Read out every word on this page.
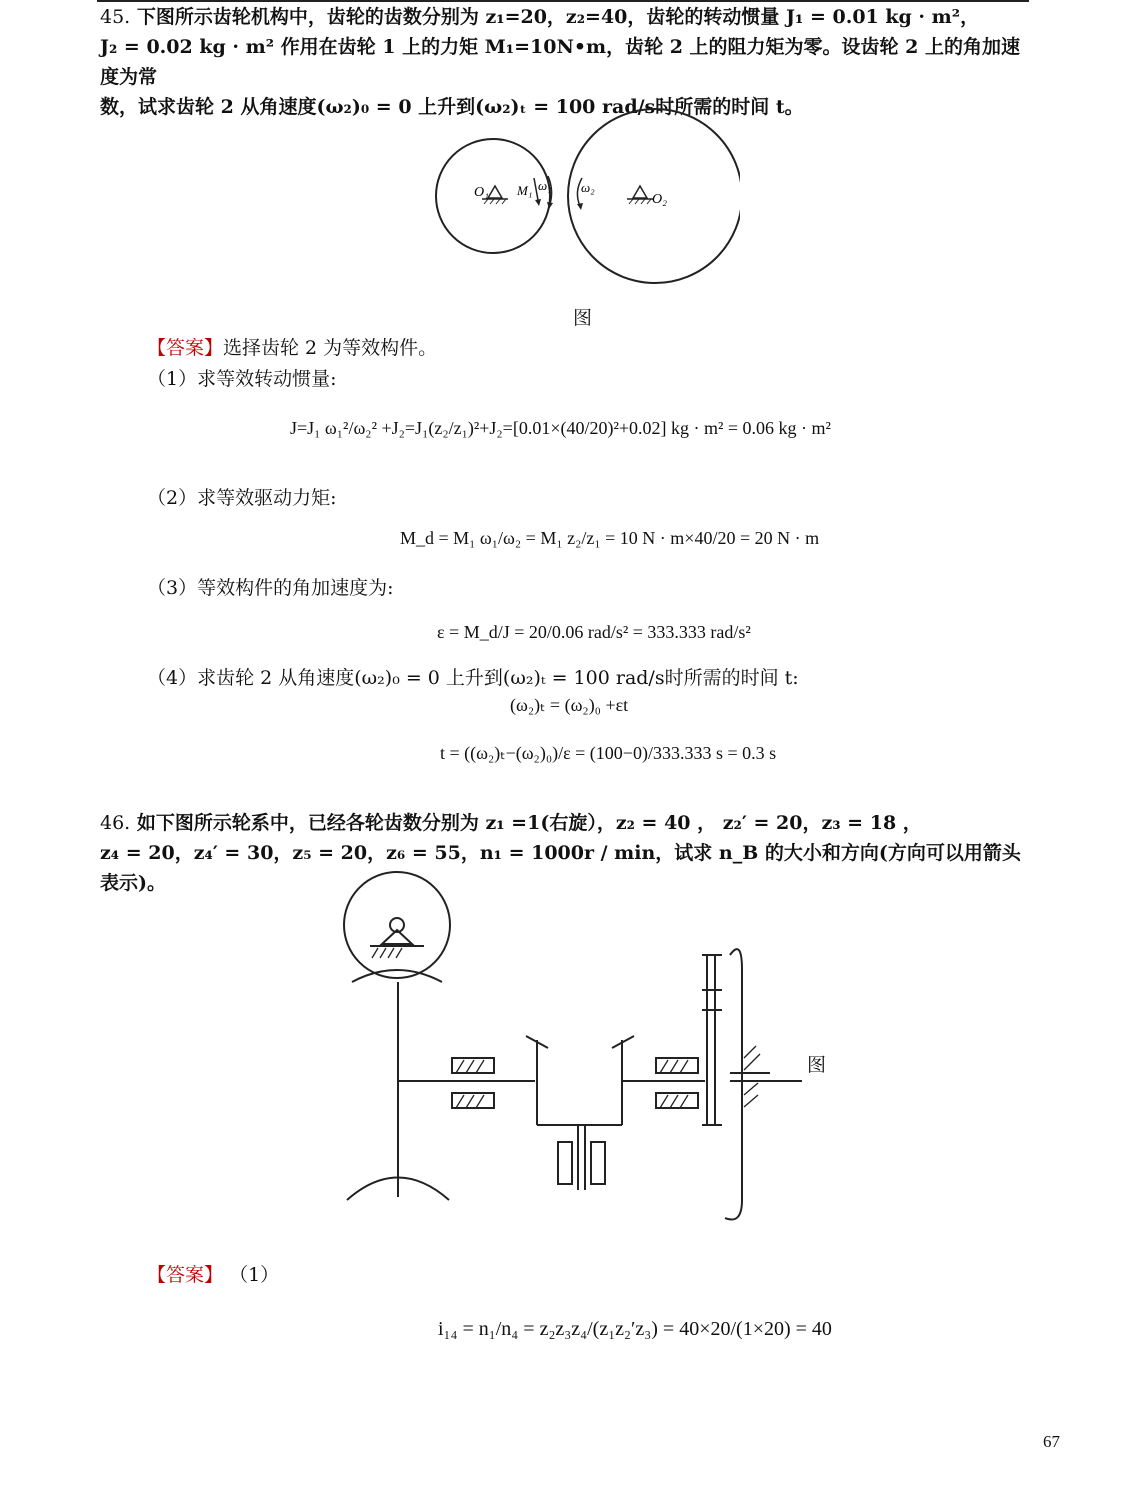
45. 下图所示齿轮机构中，齿轮的齿数分别为 z₁=20，z₂=40，齿轮的转动惯量 J₁ = 0.01 kg · m²，
J₂ = 0.02 kg · m² 作用在齿轮 1 上的力矩 M₁=10N•m，齿轮 2 上的阻力矩为零。设齿轮 2 上的角加速度为常
数，试求齿轮 2 从角速度(ω₂)₀ = 0 上升到(ω₂)ₜ = 100 rad/s时所需的时间 t。
O₁ M₁ ω₁ ω₂
O₂
图
【答案】选择齿轮 2 为等效构件。
（1）求等效转动惯量:
J=J₁ ω₁²/ω₂² +J₂=J₁(z₂/z₁)²+J₂=[0.01×(40/20)²+0.02] kg · m² = 0.06 kg · m²
（2）求等效驱动力矩:
M_d = M₁ ω₁/ω₂ = M₁ z₂/z₁ = 10 N · m×40/20 = 20 N · m
（3）等效构件的角加速度为:
ε = M_d/J = 20/0.06 rad/s² = 333.333 rad/s²
（4）求齿轮 2 从角速度(ω₂)₀ = 0 上升到(ω₂)ₜ = 100 rad/s时所需的时间 t:
(ω₂)ₜ = (ω₂)₀ +εt
t = ((ω₂)ₜ−(ω₂)₀)/ε = (100−0)/333.333 s = 0.3 s
46. 如下图所示轮系中，已经各轮齿数分别为 z₁ =1(右旋），z₂ = 40 ， z₂′ = 20，z₃ = 18 ，
z₄ = 20，z₄′ = 30，z₅ = 20，z₆ = 55，n₁ = 1000r / min，试求 n_B 的大小和方向(方向可以用箭头表示)。
图
【答案】 （1）
i₁₄ = n₁/n₄ = z₂z₃z₄/(z₁z₂′z₃) = 40×20/(1×20) = 40
67
